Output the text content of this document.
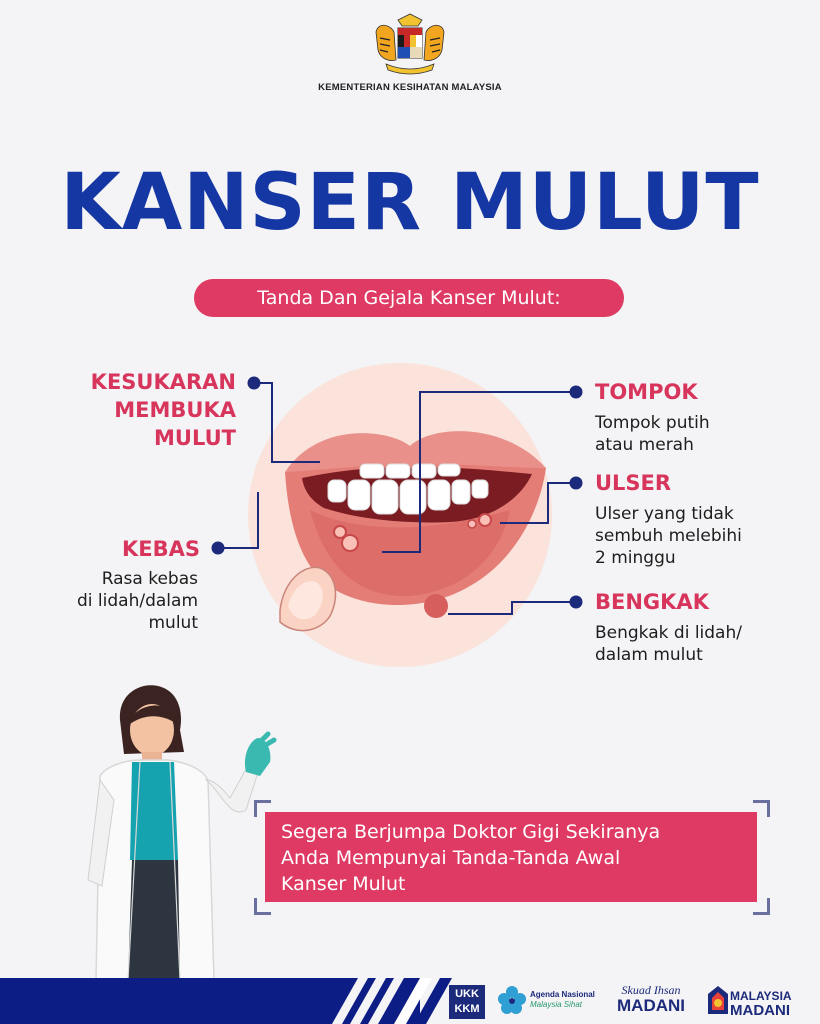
KEMENTERIAN KESIHATAN MALAYSIA
KANSER MULUT
Tanda Dan Gejala Kanser Mulut:
KESUKARAN
MEMBUKA
MULUT
KEBAS
Rasa kebas
di lidah/dalam
mulut
TOMPOK
Tompok putih
atau merah
ULSER
Ulser yang tidak
sembuh melebihi
2 minggu
BENGKAK
Bengkak di lidah/
dalam mulut
Segera Berjumpa Doktor Gigi Sekiranya
Anda Mempunyai Tanda-Tanda Awal
Kanser Mulut
UKK
KKM
Agenda Nasional
Malaysia Sihat
Skuad Ihsan
MADANI	MALAYSIA
MADANI
